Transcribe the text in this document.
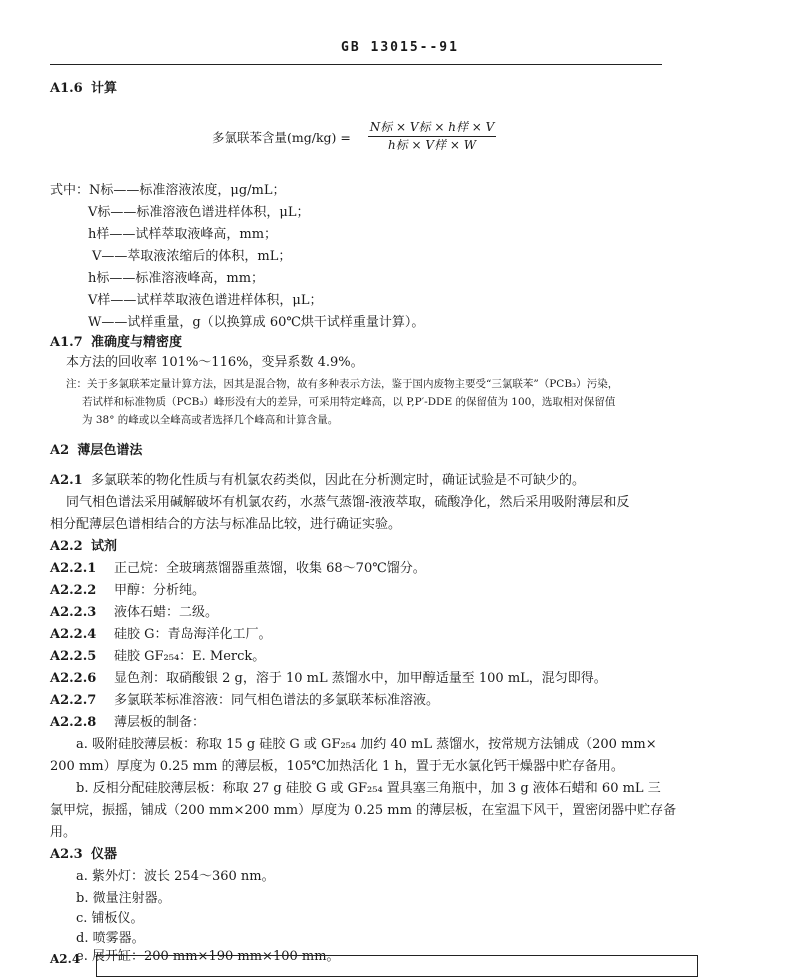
GB 13015--91
A1.6 计算
多氯联苯含量(mg/kg) =
N标 × V标 × h样 × V
h标 × V样 × W
式中：N标——标准溶液浓度，μg/mL；
V标——标准溶液色谱进样体积，μL；
h样——试样萃取液峰高，mm；
V——萃取液浓缩后的体积，mL；
h标——标准溶液峰高，mm；
V样——试样萃取液色谱进样体积，μL；
W——试样重量，g（以换算成 60℃烘干试样重量计算）。
A1.7 准确度与精密度
本方法的回收率 101%～116%，变异系数 4.9%。
注：关于多氯联苯定量计算方法，因其是混合物，故有多种表示方法，鉴于国内废物主要受“三氯联苯”（PCB₃）污染，
若试样和标准物质（PCB₃）峰形没有大的差异，可采用特定峰高，以 P,P′-DDE 的保留值为 100，选取相对保留值
为 38° 的峰或以全峰高或者选择几个峰高和计算含量。
A2 薄层色谱法
A2.1 多氯联苯的物化性质与有机氯农药类似，因此在分析测定时，确证试验是不可缺少的。
同气相色谱法采用碱解破坏有机氯农药，水蒸气蒸馏-液液萃取，硫酸净化，然后采用吸附薄层和反
相分配薄层色谱相结合的方法与标准品比较，进行确证实验。
A2.2 试剂
A2.2.1 正己烷：全玻璃蒸馏器重蒸馏，收集 68～70℃馏分。
A2.2.2 甲醇：分析纯。
A2.2.3 液体石蜡：二级。
A2.2.4 硅胶 G：青岛海洋化工厂。
A2.2.5 硅胶 GF₂₅₄：E. Merck。
A2.2.6 显色剂：取硝酸银 2 g，溶于 10 mL 蒸馏水中，加甲醇适量至 100 mL，混匀即得。
A2.2.7 多氯联苯标准溶液：同气相色谱法的多氯联苯标准溶液。
A2.2.8 薄层板的制备：
a. 吸附硅胶薄层板：称取 15 g 硅胶 G 或 GF₂₅₄ 加约 40 mL 蒸馏水，按常规方法铺成（200 mm×
200 mm）厚度为 0.25 mm 的薄层板，105℃加热活化 1 h，置于无水氯化钙干燥器中贮存备用。
b. 反相分配硅胶薄层板：称取 27 g 硅胶 G 或 GF₂₅₄ 置具塞三角瓶中，加 3 g 液体石蜡和 60 mL 三
氯甲烷，振摇，铺成（200 mm×200 mm）厚度为 0.25 mm 的薄层板，在室温下风干，置密闭器中贮存备
用。
A2.3 仪器
a. 紫外灯：波长 254～360 nm。
b. 微量注射器。
c. 铺板仪。
d. 喷雾器。
e. 展开缸：200 mm×190 mm×100 mm。
A2.4
